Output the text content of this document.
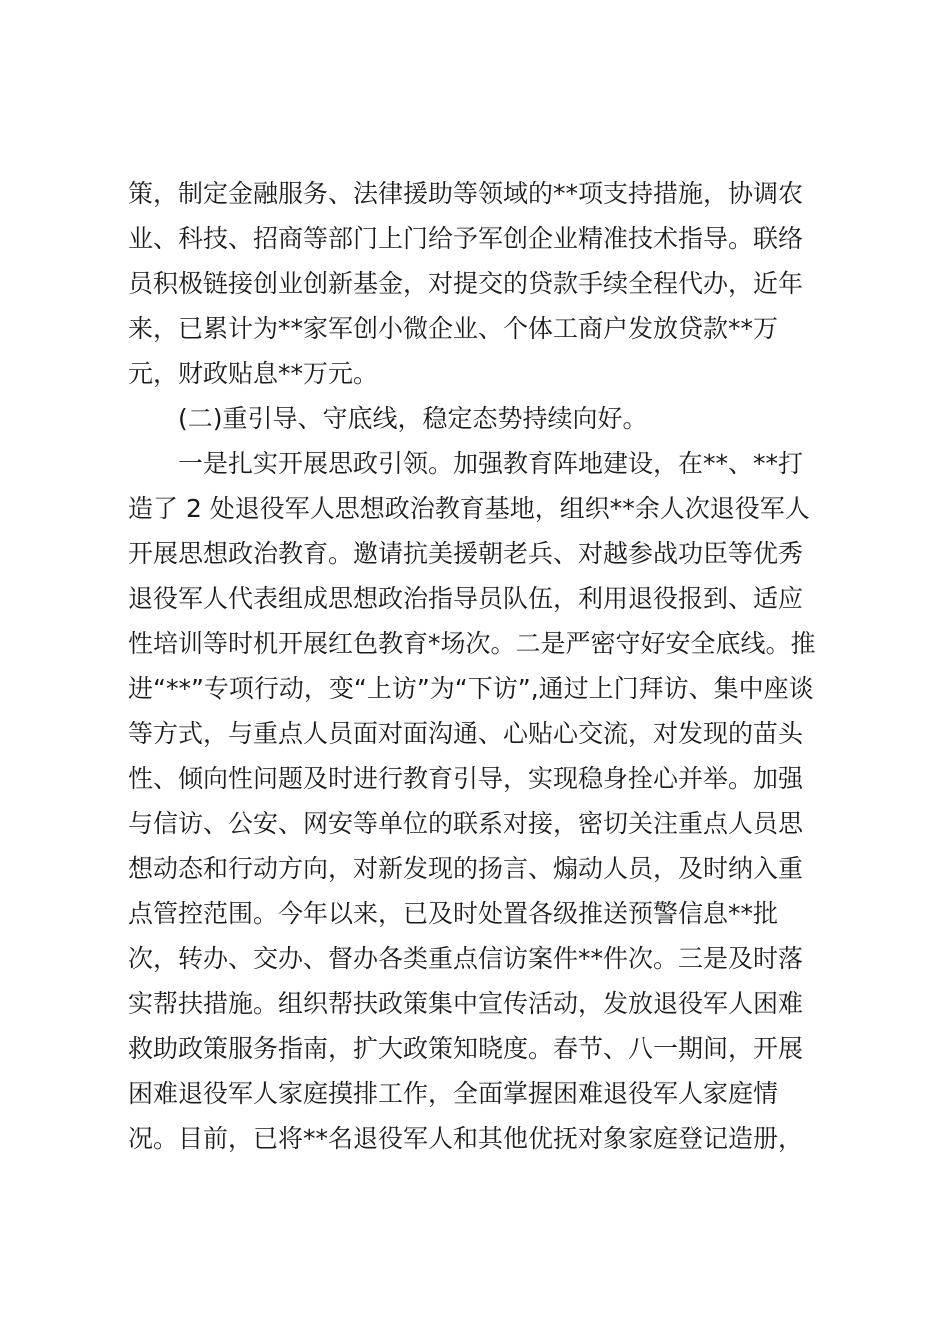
策，制定金融服务、法律援助等领域的**项支持措施，协调农
业、科技、招商等部门上门给予军创企业精准技术指导。联络
员积极链接创业创新基金，对提交的贷款手续全程代办，近年
来，已累计为**家军创小微企业、个体工商户发放贷款**万
元，财政贴息**万元。
(二)重引导、守底线，稳定态势持续向好。
一是扎实开展思政引领。加强教育阵地建设，在**、**打
造了 2 处退役军人思想政治教育基地，组织**余人次退役军人
开展思想政治教育。邀请抗美援朝老兵、对越参战功臣等优秀
退役军人代表组成思想政治指导员队伍，利用退役报到、适应
性培训等时机开展红色教育*场次。二是严密守好安全底线。推
进“**”专项行动，变“上访”为“下访”,通过上门拜访、集中座谈
等方式，与重点人员面对面沟通、心贴心交流，对发现的苗头
性、倾向性问题及时进行教育引导，实现稳身拴心并举。加强
与信访、公安、网安等单位的联系对接，密切关注重点人员思
想动态和行动方向，对新发现的扬言、煽动人员，及时纳入重
点管控范围。今年以来，已及时处置各级推送预警信息**批
次，转办、交办、督办各类重点信访案件**件次。三是及时落
实帮扶措施。组织帮扶政策集中宣传活动，发放退役军人困难
救助政策服务指南，扩大政策知晓度。春节、八一期间，开展
困难退役军人家庭摸排工作，全面掌握困难退役军人家庭情
况。目前，已将**名退役军人和其他优抚对象家庭登记造册，
